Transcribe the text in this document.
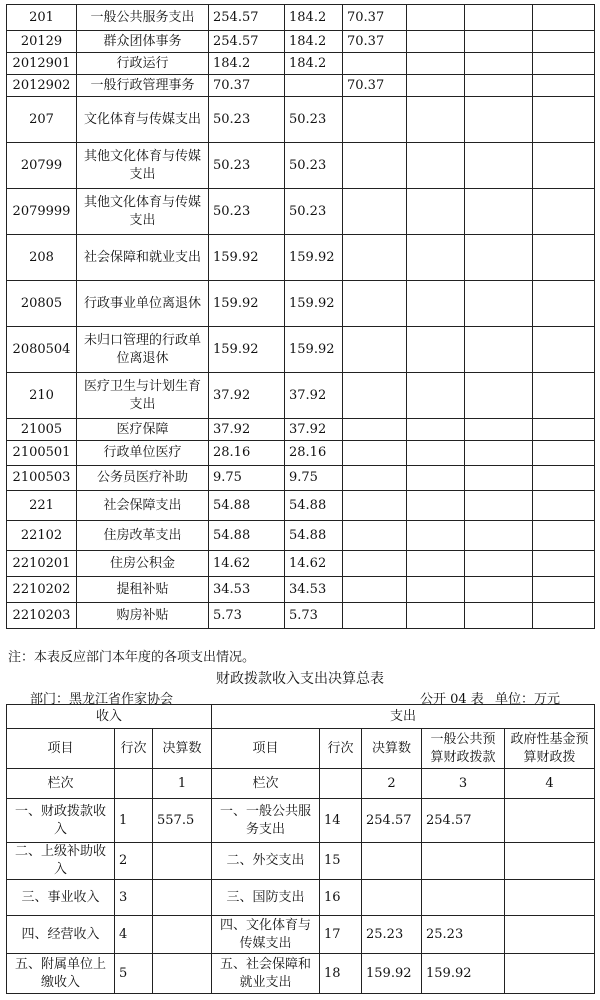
201	一般公共服务支出	254.57	184.2	70.37			
20129	群众团体事务	254.57	184.2	70.37			
2012901	行政运行	184.2	184.2				
2012902	一般行政管理事务	70.37		70.37			
207	文化体育与传媒支出	50.23	50.23				
20799	其他文化体育与传媒支出	50.23	50.23				
2079999	其他文化体育与传媒支出	50.23	50.23				
208	社会保障和就业支出	159.92	159.92				
20805	行政事业单位离退休	159.92	159.92				
2080504	未归口管理的行政单位离退休	159.92	159.92				
210	医疗卫生与计划生育支出	37.92	37.92				
21005	医疗保障	37.92	37.92				
2100501	行政单位医疗	28.16	28.16				
2100503	公务员医疗补助	9.75	9.75				
221	社会保障支出	54.88	54.88				
22102	住房改革支出	54.88	54.88				
2210201	住房公积金	14.62	14.62				
2210202	提租补贴	34.53	34.53				
2210203	购房补贴	5.73	5.73				
注：本表反应部门本年度的各项支出情况。
财政拨款收入支出决算总表
部门：黑龙江省作家协会	公开 04 表 单位：万元
收入			支出				
项目	行次	决算数	项目	行次	决算数	一般公共预算财政拨款	政府性基金预算财政拨
栏次		1	栏次		2	3	4
一、财政拨款收入	1	557.5	一、一般公共服务支出	14	254.57	254.57	
二、上级补助收入	2		二、外交支出	15			
三、事业收入	3		三、国防支出	16			
四、经营收入	4		四、文化体育与传媒支出	17	25.23	25.23	
五、附属单位上缴收入	5		五、社会保障和就业支出	18	159.92	159.92	
